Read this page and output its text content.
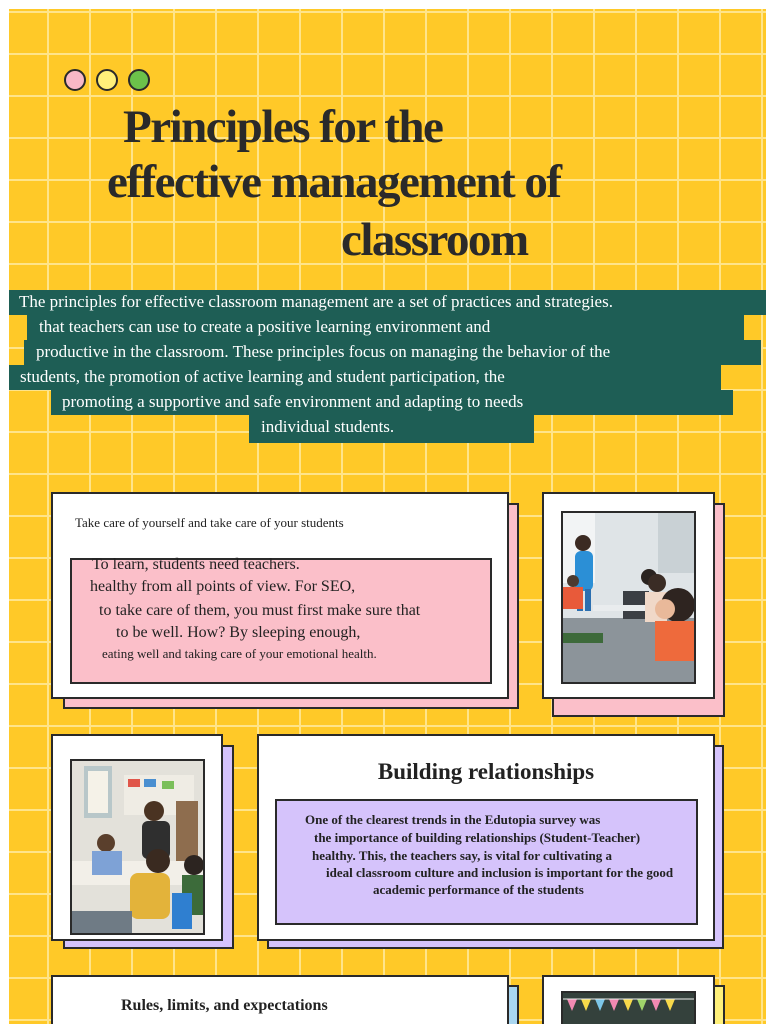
Principles for the
effective management of
classroom
The principles for effective classroom management are a set of practices and strategies.
that teachers can use to create a positive learning environment and
productive in the classroom. These principles focus on managing the behavior of the
students, the promotion of active learning and student participation, the
promoting a supportive and safe environment and adapting to needs
individual students.
Take care of yourself and take care of your students
To learn, students need teachers.
healthy from all points of view. For SEO,
to take care of them, you must first make sure that
to be well. How? By sleeping enough,
eating well and taking care of your emotional health.
Building relationships
One of the clearest trends in the Edutopia survey was
the importance of building relationships (Student-Teacher)
healthy. This, the teachers say, is vital for cultivating a
ideal classroom culture and inclusion is important for the good
academic performance of the students
Rules, limits, and expectations
